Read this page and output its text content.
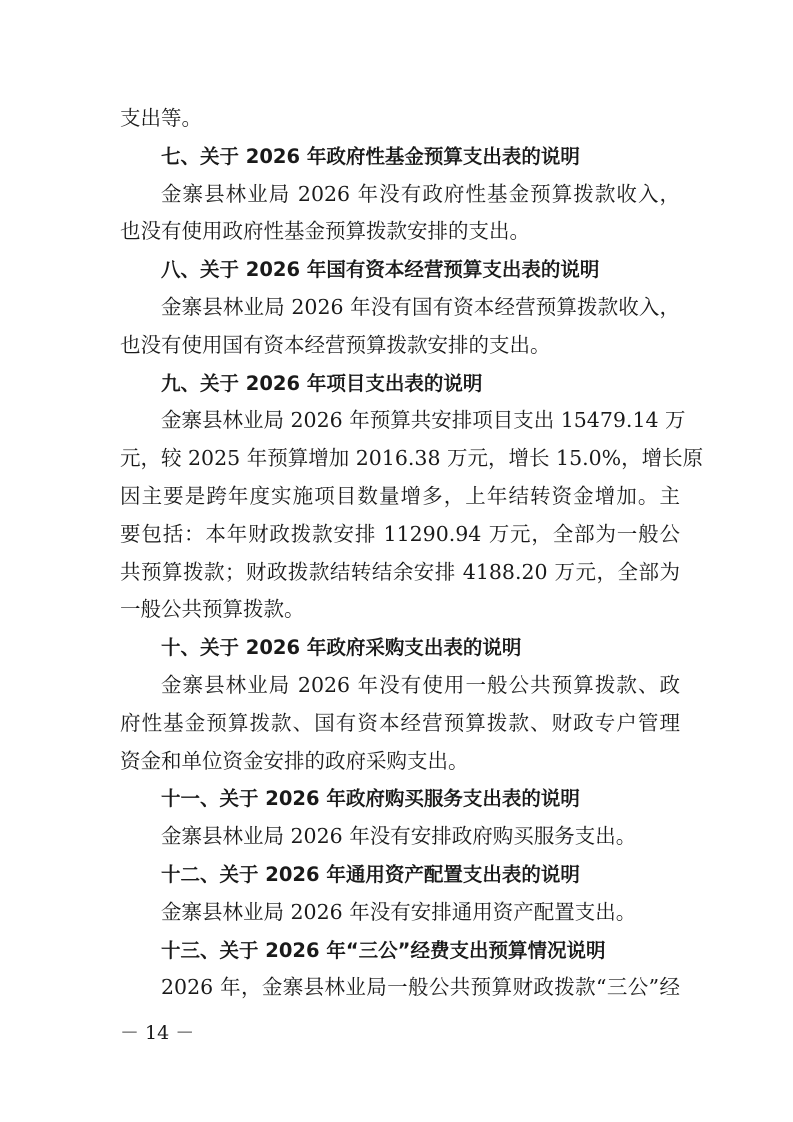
支出等。
七、关于 2026 年政府性基金预算支出表的说明
金寨县林业局 2026 年没有政府性基金预算拨款收入，
也没有使用政府性基金预算拨款安排的支出。
八、关于 2026 年国有资本经营预算支出表的说明
金寨县林业局 2026 年没有国有资本经营预算拨款收入，
也没有使用国有资本经营预算拨款安排的支出。
九、关于 2026 年项目支出表的说明
金寨县林业局 2026 年预算共安排项目支出 15479.14 万
元，较 2025 年预算增加 2016.38 万元，增长 15.0%，增长原
因主要是跨年度实施项目数量增多，上年结转资金增加。主
要包括：本年财政拨款安排 11290.94 万元，全部为一般公
共预算拨款；财政拨款结转结余安排 4188.20 万元，全部为
一般公共预算拨款。
十、关于 2026 年政府采购支出表的说明
金寨县林业局 2026 年没有使用一般公共预算拨款、政
府性基金预算拨款、国有资本经营预算拨款、财政专户管理
资金和单位资金安排的政府采购支出。
十一、关于 2026 年政府购买服务支出表的说明
金寨县林业局 2026 年没有安排政府购买服务支出。
十二、关于 2026 年通用资产配置支出表的说明
金寨县林业局 2026 年没有安排通用资产配置支出。
十三、关于 2026 年“三公”经费支出预算情况说明
2026 年，金寨县林业局一般公共预算财政拨款“三公”经
－ 14 －
